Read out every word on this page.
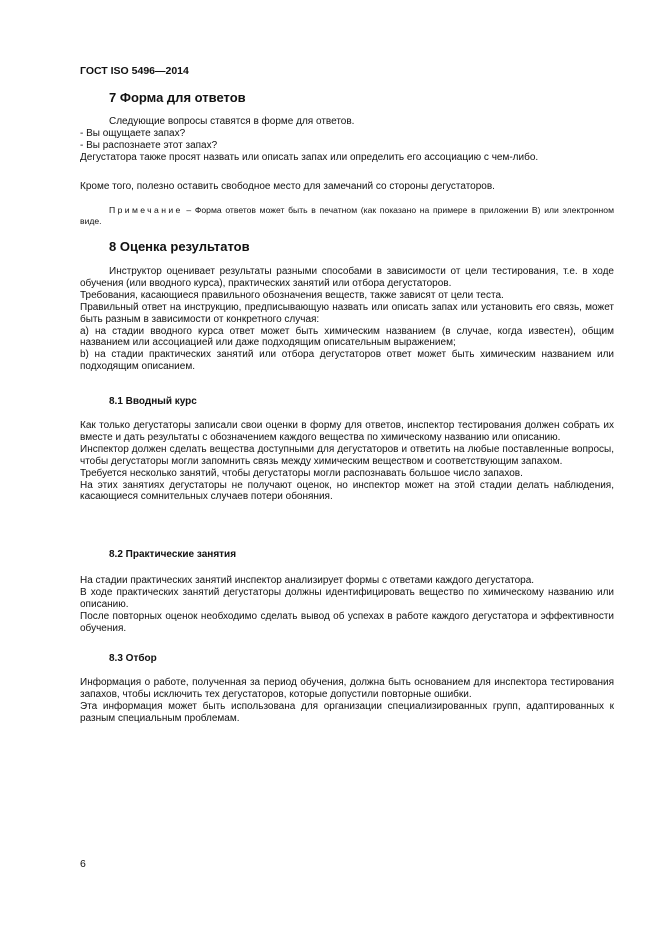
ГОСТ ISO 5496—2014
7 Форма для ответов

Следующие вопросы ставятся в форме для ответов.

- Вы ощущаете запах?

- Вы распознаете этот запах?

Дегустатора также просят назвать или описать запах или определить его ассоциацию с чем-либо.

Кроме того, полезно оставить свободное место для замечаний со стороны дегустаторов.

Примечание – Форма ответов может быть в печатном (как показано на примере в приложении В) или электронном виде.
8 Оценка результатов

Инструктор оценивает результаты разными способами в зависимости от цели тестирования, т.е. в ходе обучения (или вводного курса), практических занятий или отбора дегустаторов.

Требования, касающиеся правильного обозначения веществ, также зависят от цели теста.

Правильный ответ на инструкцию, предписывающую назвать или описать запах или установить его связь, может быть разным в зависимости от конкретного случая:

a) на стадии вводного курса ответ может быть химическим названием (в случае, когда известен), общим названием или ассоциацией или даже подходящим описательным выражением;

b) на стадии практических занятий или отбора дегустаторов ответ может быть химическим названием или подходящим описанием.

8.1 Вводный курс

Как только дегустаторы записали свои оценки в форму для ответов, инспектор тестирования должен собрать их вместе и дать результаты с обозначением каждого вещества по химическому названию или описанию.

Инспектор должен сделать вещества доступными для дегустаторов и ответить на любые поставленные вопросы, чтобы дегустаторы могли запомнить связь между химическим веществом и соответствующим запахом.

Требуется несколько занятий, чтобы дегустаторы могли распознавать большое число запахов.

На этих занятиях дегустаторы не получают оценок, но инспектор может на этой стадии делать наблюдения, касающиеся сомнительных случаев потери обоняния.

8.2 Практические занятия

На стадии практических занятий инспектор анализирует формы с ответами каждого дегустатора.

В ходе практических занятий дегустаторы должны идентифицировать вещество по химическому названию или описанию.

После повторных оценок необходимо сделать вывод об успехах в работе каждого дегустатора и эффективности обучения.

8.3 Отбор

Информация о работе, полученная за период обучения, должна быть основанием для инспектора тестирования запахов, чтобы исключить тех дегустаторов, которые допустили повторные ошибки.

Эта информация может быть использована для организации специализированных групп, адаптированных к разным специальным проблемам.

6
